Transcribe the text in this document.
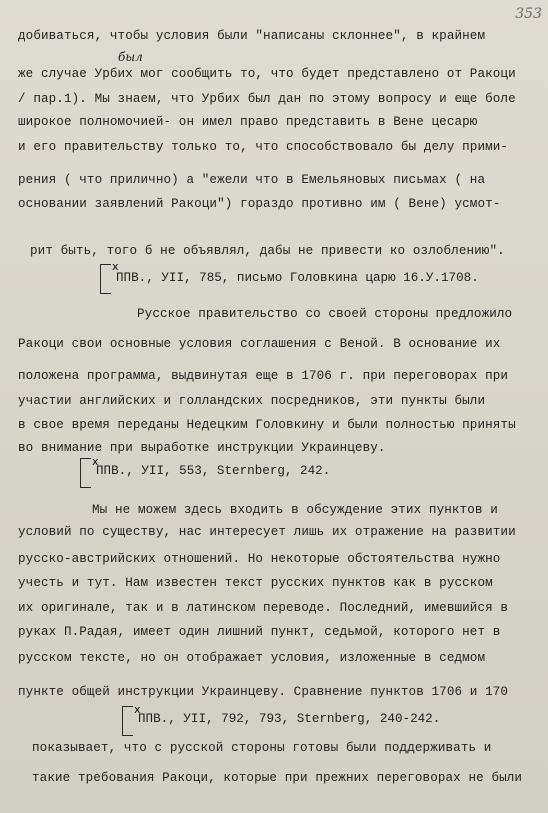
353
добиваться, чтобы условия были "написаны склоннее", в крайнем
был
же случае Урбих мог сообщить то, что будет представлено от Ракоци
/ пар.1). Мы знаем, что Урбих был дан по этому вопросу и еще боле
широкое полномочией- он имел право представить в Вене цесарю
и его правительству только то, что способствовало бы делу прими-
рения ( что прилично) а "ежели что в Емельяновых письмах ( на
основании заявлений Ракоци") гораздо противно им ( Вене) усмот-
рит быть, того б не объявлял, дабы не привести ко озлоблению".
x
ППВ., УII, 785, письмо Головкина царю 16.У.1708.
Русское правительство со своей стороны предложило
Ракоци свои основные условия соглашения с Веной. В основание их
положена программа, выдвинутая еще в 1706 г. при переговорах при
участии английских и голландских посредников, эти пункты были
в свое время переданы Недецким Головкину и были полностью приняты
во внимание при выработке инструкции Украинцеву.
x
ППВ., УII, 553, Sternberg, 242.
Мы не можем здесь входить в обсуждение этих пунктов и
условий по существу, нас интересует лишь их отражение на развитии
русско-австрийских отношений. Но некоторые обстоятельства нужно
учесть и тут. Нам известен текст русских пунктов как в русском
их оригинале, так и в латинском переводе. Последний, имевшийся в
руках П.Радая, имеет один лишний пункт, седьмой, которого нет в
русском тексте, но он отображает условия, изложенные в седмом
пункте общей инструкции Украинцеву. Сравнение пунктов 1706 и 170
x
ППВ., УII, 792, 793, Sternberg, 240-242.
показывает, что с русской стороны готовы были поддерживать и
такие требования Ракоци, которые при прежних переговорах не были
